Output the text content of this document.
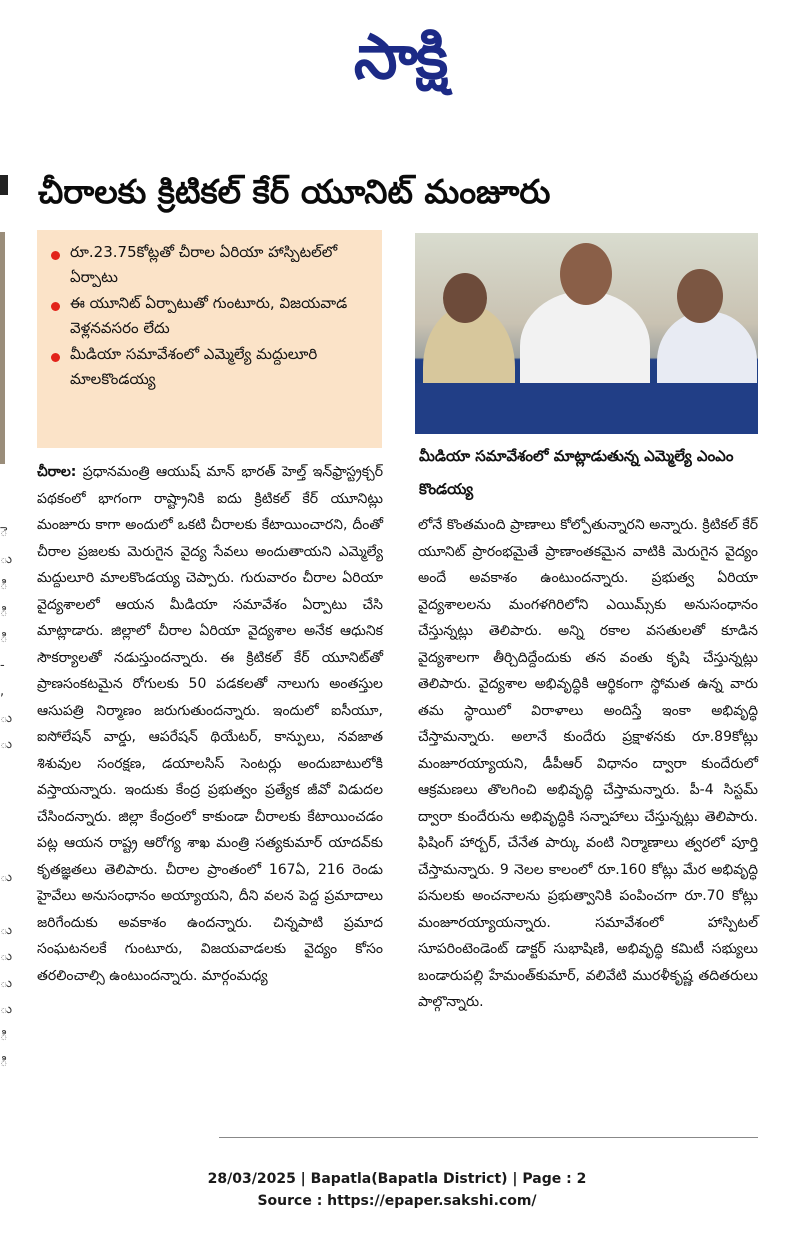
సాక్షి
ె
ు
ి
ి
ి
-
,
ు
ు

ు

ు
ు
ు
ు
ి
ి
చీరాలకు క్రిటికల్ కేర్ యూనిట్ మంజూరు
రూ.23.75కోట్లతో చీరాల ఏరియా హాస్పిటల్‌లో ఏర్పాటు
ఈ యూనిట్ ఏర్పాటుతో గుంటూరు, విజయవాడ వెళ్లనవసరం లేదు
మీడియా సమావేశంలో ఎమ్మెల్యే మద్దులూరి మాలకొండయ్య
మీడియా సమావేశంలో మాట్లాడుతున్న ఎమ్మెల్యే ఎంఎం కొండయ్య

చీరాల: ప్రధానమంత్రి ఆయుష్ మాన్ భారత్ హెల్త్ ఇన్‌ఫ్రాస్ట్రక్చర్ పథకంలో భాగంగా రాష్ట్రానికి ఐదు క్రిటికల్ కేర్ యూనిట్లు మంజూరు కాగా అందులో ఒకటి చీరాలకు కేటాయించారని, దీంతో చీరాల ప్రజలకు మెరుగైన వైద్య సేవలు అందుతాయని ఎమ్మెల్యే మద్దులూరి మాలకొండయ్య చెప్పారు. గురువారం చీరాల ఏరియా వైద్యశాలలో ఆయన మీడియా సమావేశం ఏర్పాటు చేసి మాట్లాడారు. జిల్లాలో చీరాల ఏరియా వైద్యశాల అనేక ఆధునిక సౌకర్యాలతో నడుస్తుందన్నారు. ఈ క్రిటికల్ కేర్ యూనిట్‌తో ప్రాణసంకటమైన రోగులకు 50 పడకలతో నాలుగు అంతస్తుల ఆసుపత్రి నిర్మాణం జరుగుతుందన్నారు. ఇందులో ఐసీయూ, ఐసోలేషన్ వార్డు, ఆపరేషన్ థియేటర్, కాన్పులు, నవజాత శిశువుల సంరక్షణ, డయాలసిస్ సెంటర్లు అందుబాటులోకి వస్తాయన్నారు. ఇందుకు కేంద్ర ప్రభుత్వం ప్రత్యేక జీవో విడుదల చేసిందన్నారు. జిల్లా కేంద్రంలో కాకుండా చీరాలకు కేటాయించడం పట్ల ఆయన రాష్ట్ర ఆరోగ్య శాఖ మంత్రి సత్యకుమార్ యాదవ్‌కు కృతజ్ఞతలు తెలిపారు. చీరాల ప్రాంతంలో 167ఏ, 216 రెండు హైవేలు అనుసంధానం అయ్యాయని, దీని వలన పెద్ద ప్రమాదాలు జరిగేందుకు అవకాశం ఉందన్నారు. చిన్నపాటి ప్రమాద సంఘటనలకే గుంటూరు, విజయవాడలకు వైద్యం కోసం తరలించాల్సి ఉంటుందన్నారు. మార్గంమధ్య

లోనే కొంతమంది ప్రాణాలు కోల్పోతున్నారని అన్నారు. క్రిటికల్ కేర్ యూనిట్ ప్రారంభమైతే ప్రాణాంతకమైన వాటికి మెరుగైన వైద్యం అందే అవకాశం ఉంటుందన్నారు. ప్రభుత్వ ఏరియా వైద్యశాలలను మంగళగిరిలోని ఎయిమ్స్‌కు అనుసంధానం చేస్తున్నట్లు తెలిపారు. అన్ని రకాల వసతులతో కూడిన వైద్యశాలగా తీర్చిదిద్దేందుకు తన వంతు కృషి చేస్తున్నట్లు తెలిపారు. వైద్యశాల అభివృద్ధికి ఆర్థికంగా స్థోమత ఉన్న వారు తమ స్థాయిలో విరాళాలు అందిస్తే ఇంకా అభివృద్ధి చేస్తామన్నారు. అలానే కుందేరు ప్రక్షాళనకు రూ.89కోట్లు మంజూరయ్యాయని, డీపీఆర్ విధానం ద్వారా కుందేరులో ఆక్రమణలు తొలగించి అభివృద్ధి చేస్తామన్నారు. పీ-4 సిస్టమ్ ద్వారా కుందేరును అభివృద్ధికి సన్నాహాలు చేస్తున్నట్లు తెలిపారు. ఫిషింగ్ హార్బర్, చేనేత పార్కు వంటి నిర్మాణాలు త్వరలో పూర్తి చేస్తామన్నారు. 9 నెలల కాలంలో రూ.160 కోట్లు మేర అభివృద్ధి పనులకు అంచనాలను ప్రభుత్వానికి పంపించగా రూ.70 కోట్లు మంజూరయ్యాయన్నారు. సమావేశంలో హాస్పిటల్ సూపరింటెండెంట్ డాక్టర్ సుభాషిణి, అభివృద్ధి కమిటీ సభ్యులు బండారుపల్లి హేమంత్‌కుమార్, వలివేటి మురళీకృష్ణ తదితరులు పాల్గొన్నారు.

28/03/2025 | Bapatla(Bapatla District) | Page : 2
Source : https://epaper.sakshi.com/
